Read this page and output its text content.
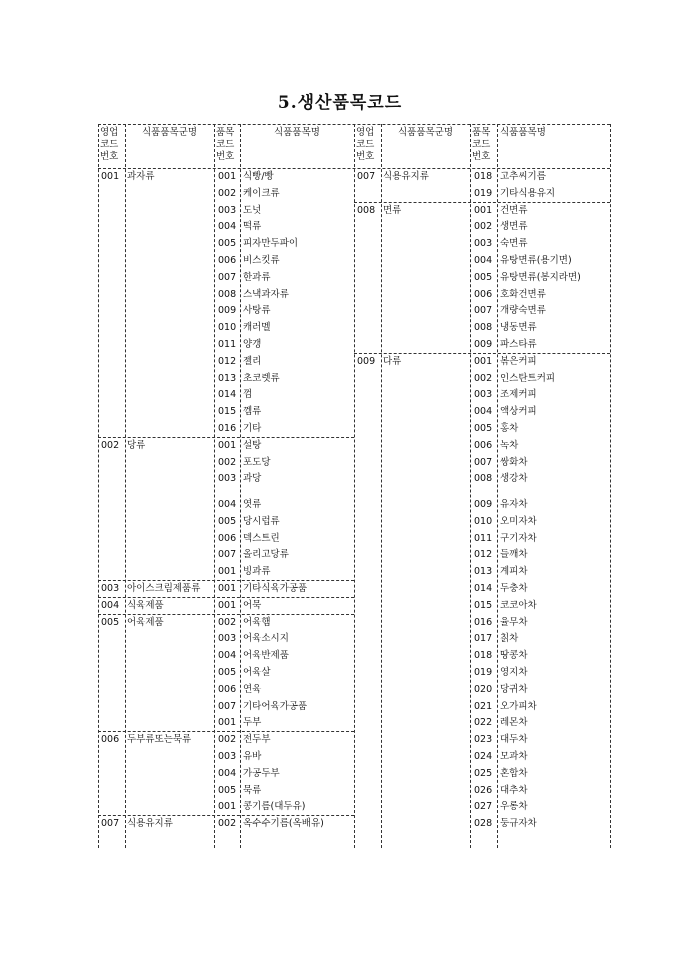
5.생산품목코드
영업
코드
번호
식품품목군명	품목
코드
번호
식품품목명
001 과자류
002 당류
003 아이스크림제품류
004 식육제품
005 어육제품
006 두부류또는묵류
007 식용유지류
001 식빵/빵
002 케이크류
003 도넛
004 떡류
005 피자만두파이
006 비스킷류
007 한과류
008 스낵과자류
009 사탕류
010 캐러멜
011 양갱
012 젤리
013 초코렛류
014 껌
015 껨류
016 기타
001 설탕
002 포도당
003 과당
004 엿류
005 당시럽류
006 덱스트린
007 올리고당류
001 빙과류
001 기타식육가공품
001 어묵
002 어육햄
003 어육소시지
004 어육반제품
005 어육살
006 연육
007 기타어육가공품
001 두부
002 전두부
003 유바
004 가공두부
005 묵류
001 콩기름(대두유)
002 옥수수기름(옥배유)
영업
코드
번호
식품품목군명	품목
코드
번호
식품품목명
007 식용유지류
008 면류
009 다류
018 고추씨기름
019 기타식용유지
001 건면류
002 생면류
003 숙면류
004 유탕면류(용기면)
005 유탕면류(봉지라면)
006 호화건면류
007 개량숙면류
008 냉동면류
009 파스타류
001 볶은커피
002 인스탄트커피
003 조제커피
004 액상커피
005 홍차
006 녹차
007 쌍화차
008 생강차
009 유자차
010 오미자차
011 구기자차
012 들깨차
013 계피차
014 두충차
015 코코아차
016 율무차
017 칡차
018 땅콩차
019 영지차
020 당귀차
021 오가피차
022 레몬차
023 대두차
024 모과차
025 혼합차
026 대추차
027 우롱차
028 둥규자차
